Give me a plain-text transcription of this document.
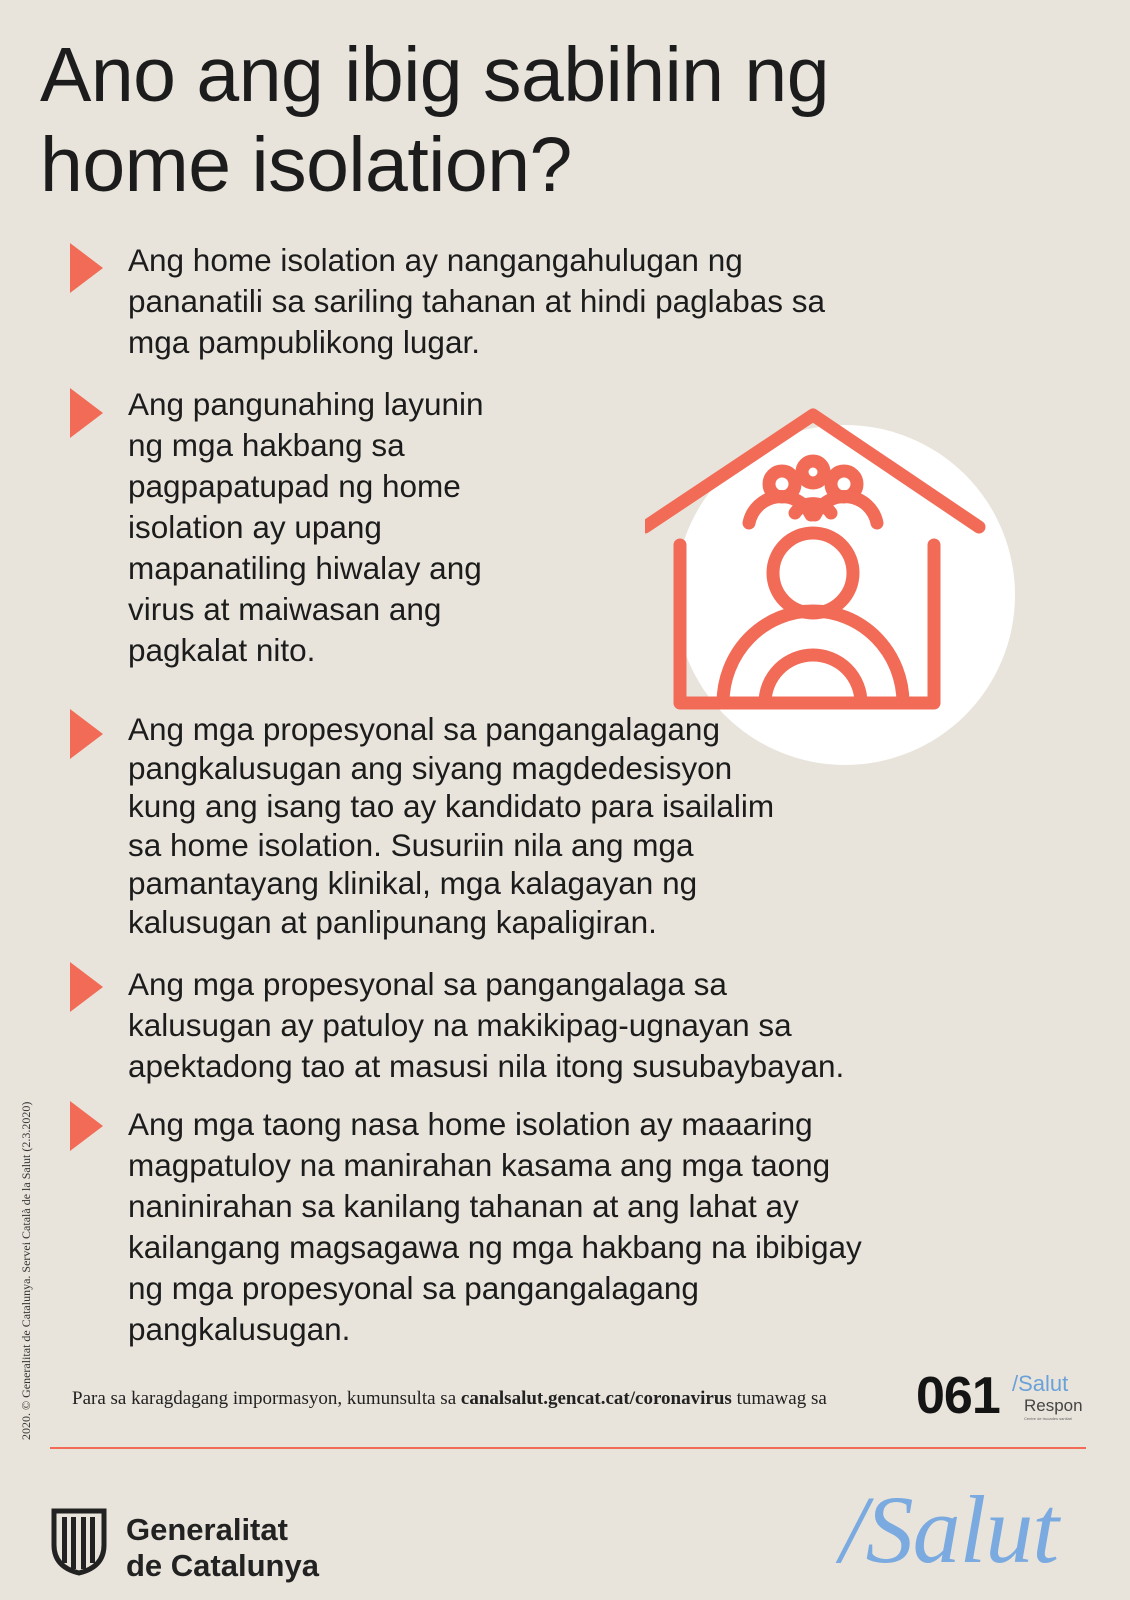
Ano ang ibig sabihin ng
home isolation?

Ang home isolation ay nangangahulugan ng
pananatili sa sariling tahanan at hindi paglabas sa
mga pampublikong lugar.

Ang pangunahing layunin
ng mga hakbang sa
pagpapatupad ng home
isolation ay upang
mapanatiling hiwalay ang
virus at maiwasan ang
pagkalat nito.

Ang mga propesyonal sa pangangalagang
pangkalusugan ang siyang magdedesisyon
kung ang isang tao ay kandidato para isailalim
sa home isolation. Susuriin nila ang mga
pamantayang klinikal, mga kalagayan ng
kalusugan at panlipunang kapaligiran.

Ang mga propesyonal sa pangangalaga sa
kalusugan ay patuloy na makikipag-ugnayan sa
apektadong tao at masusi nila itong susubaybayan.

Ang mga taong nasa home isolation ay maaaring
magpatuloy na manirahan kasama ang mga taong
naninirahan sa kanilang tahanan at ang lahat ay
kailangang magsagawa ng mga hakbang na ibibigay
ng mga propesyonal sa pangangalagang
pangkalusugan.

2020. © Generalitat de Catalunya. Servei Català de la Salut (2.3.2020) Para sa karagdagang impormasyon, kumunsulta sa canalsalut.gencat.cat/coronavirus tumawag sa 061 /Salut
Respon
Centre de trucades sanitari
Generalitat
de Catalunya	/Salut
